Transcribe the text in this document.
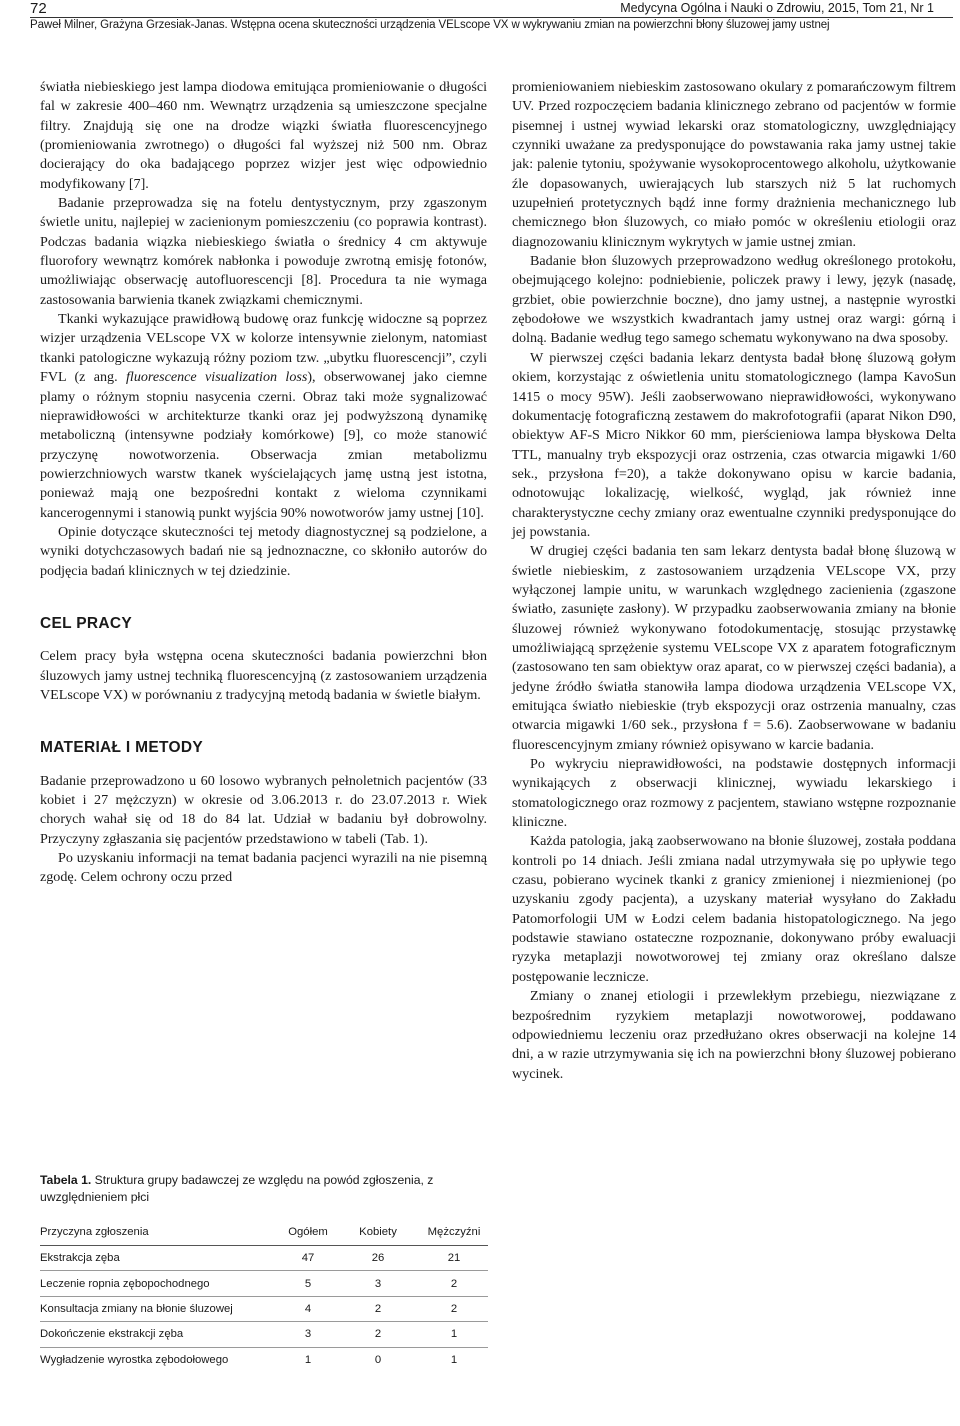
72	Medycyna Ogólna i Nauki o Zdrowiu, 2015, Tom 21, Nr 1
Paweł Milner, Grażyna Grzesiak-Janas. Wstępna ocena skuteczności urządzenia VELscope VX w wykrywaniu zmian na powierzchni błony śluzowej jamy ustnej

światła niebieskiego jest lampa diodowa emitująca promieniowanie o długości fal w zakresie 400–460 nm. Wewnątrz urządzenia są umieszczone specjalne filtry. Znajdują się one na drodze wiązki światła fluorescencyjnego (promieniowania zwrotnego) o długości fal wyższej niż 500 nm. Obraz docierający do oka badającego poprzez wizjer jest więc odpowiednio modyfikowany [7].

Badanie przeprowadza się na fotelu dentystycznym, przy zgaszonym świetle unitu, najlepiej w zacienionym pomieszczeniu (co poprawia kontrast). Podczas badania wiązka niebieskiego światła o średnicy 4 cm aktywuje fluorofory wewnątrz komórek nabłonka i powoduje zwrotną emisję fotonów, umożliwiając obserwację autofluorescencji [8]. Procedura ta nie wymaga zastosowania barwienia tkanek związkami chemicznymi.

Tkanki wykazujące prawidłową budowę oraz funkcję widoczne są poprzez wizjer urządzenia VELscope VX w kolorze intensywnie zielonym, natomiast tkanki patologiczne wykazują różny poziom tzw. „ubytku fluorescencji”, czyli FVL (z ang. fluorescence visualization loss), obserwowanej jako ciemne plamy o różnym stopniu nasycenia czerni. Obraz taki może sygnalizować nieprawidłowości w architekturze tkanki oraz jej podwyższoną dynamikę metaboliczną (intensywne podziały komórkowe) [9], co może stanowić przyczynę nowotworzenia. Obserwacja zmian metabolizmu powierzchniowych warstw tkanek wyścielających jamę ustną jest istotna, ponieważ mają one bezpośredni kontakt z wieloma czynnikami kancerogennymi i stanowią punkt wyjścia 90% nowotworów jamy ustnej [10].

Opinie dotyczące skuteczności tej metody diagnostycznej są podzielone, a wyniki dotychczasowych badań nie są jednoznaczne, co skłoniło autorów do podjęcia badań klinicznych w tej dziedzinie.

CEL PRACY

Celem pracy była wstępna ocena skuteczności badania powierzchni błon śluzowych jamy ustnej techniką fluorescencyjną (z zastosowaniem urządzenia VELscope VX) w porównaniu z tradycyjną metodą badania w świetle białym.

MATERIAŁ I METODY

Badanie przeprowadzono u 60 losowo wybranych pełnoletnich pacjentów (33 kobiet i 27 mężczyzn) w okresie od 3.06.2013 r. do 23.07.2013 r. Wiek chorych wahał się od 18 do 84 lat. Udział w badaniu był dobrowolny. Przyczyny zgłaszania się pacjentów przedstawiono w tabeli (Tab. 1).

Po uzyskaniu informacji na temat badania pacjenci wyrazili na nie pisemną zgodę. Celem ochrony oczu przed

Tabela 1. Struktura grupy badawczej ze względu na powód zgłoszenia, z uwzględnieniem płci
Przyczyna zgłoszenia	Ogółem	Kobiety	Mężczyźni
Ekstrakcja zęba	47	26	21
Leczenie ropnia zębopochodnego	5	3	2
Konsultacja zmiany na błonie śluzowej	4	2	2
Dokończenie ekstrakcji zęba	3	2	1
Wygładzenie wyrostka zębodołowego	1	0	1

promieniowaniem niebieskim zastosowano okulary z pomarańczowym filtrem UV. Przed rozpoczęciem badania klinicznego zebrano od pacjentów w formie pisemnej i ustnej wywiad lekarski oraz stomatologiczny, uwzględniający czynniki uważane za predysponujące do powstawania raka jamy ustnej takie jak: palenie tytoniu, spożywanie wysokoprocentowego alkoholu, użytkowanie źle dopasowanych, uwierających lub starszych niż 5 lat ruchomych uzupełnień protetycznych bądź inne formy drażnienia mechanicznego lub chemicznego błon śluzowych, co miało pomóc w określeniu etiologii oraz diagnozowaniu klinicznym wykrytych w jamie ustnej zmian.

Badanie błon śluzowych przeprowadzono według określonego protokołu, obejmującego kolejno: podniebienie, policzek prawy i lewy, język (nasadę, grzbiet, obie powierzchnie boczne), dno jamy ustnej, a następnie wyrostki zębodołowe we wszystkich kwadrantach jamy ustnej oraz wargi: górną i dolną. Badanie według tego samego schematu wykonywano na dwa sposoby.

W pierwszej części badania lekarz dentysta badał błonę śluzową gołym okiem, korzystając z oświetlenia unitu stomatologicznego (lampa KavoSun 1415 o mocy 95W). Jeśli zaobserwowano nieprawidłowości, wykonywano dokumentację fotograficzną zestawem do makrofotografii (aparat Nikon D90, obiektyw AF-S Micro Nikkor 60 mm, pierścieniowa lampa błyskowa Delta TTL, manualny tryb ekspozycji oraz ostrzenia, czas otwarcia migawki 1/60 sek., przysłona f=20), a także dokonywano opisu w karcie badania, odnotowując lokalizację, wielkość, wygląd, jak również inne charakterystyczne cechy zmiany oraz ewentualne czynniki predysponujące do jej powstania.

W drugiej części badania ten sam lekarz dentysta badał błonę śluzową w świetle niebieskim, z zastosowaniem urządzenia VELscope VX, przy wyłączonej lampie unitu, w warunkach względnego zacienienia (zgaszone światło, zasunięte zasłony). W przypadku zaobserwowania zmiany na błonie śluzowej również wykonywano fotodokumentację, stosując przystawkę umożliwiającą sprzężenie systemu VELscope VX z aparatem fotograficznym (zastosowano ten sam obiektyw oraz aparat, co w pierwszej części badania), a jedyne źródło światła stanowiła lampa diodowa urządzenia VELscope VX, emitująca światło niebieskie (tryb ekspozycji oraz ostrzenia manualny, czas otwarcia migawki 1/60 sek., przysłona f = 5.6). Zaobserwowane w badaniu fluorescencyjnym zmiany również opisywano w karcie badania.

Po wykryciu nieprawidłowości, na podstawie dostępnych informacji wynikających z obserwacji klinicznej, wywiadu lekarskiego i stomatologicznego oraz rozmowy z pacjentem, stawiano wstępne rozpoznanie kliniczne.

Każda patologia, jaką zaobserwowano na błonie śluzowej, została poddana kontroli po 14 dniach. Jeśli zmiana nadal utrzymywała się po upływie tego czasu, pobierano wycinek tkanki z granicy zmienionej i niezmienionej (po uzyskaniu zgody pacjenta), a uzyskany materiał wysyłano do Zakładu Patomorfologii UM w Łodzi celem badania histopatologicznego. Na jego podstawie stawiano ostateczne rozpoznanie, dokonywano próby ewaluacji ryzyka metaplazji nowotworowej tej zmiany oraz określano dalsze postępowanie lecznicze.

Zmiany o znanej etiologii i przewlekłym przebiegu, niezwiązane z bezpośrednim ryzykiem metaplazji nowotworowej, poddawano odpowiedniemu leczeniu oraz przedłużano okres obserwacji na kolejne 14 dni, a w razie utrzymywania się ich na powierzchni błony śluzowej pobierano wycinek.
